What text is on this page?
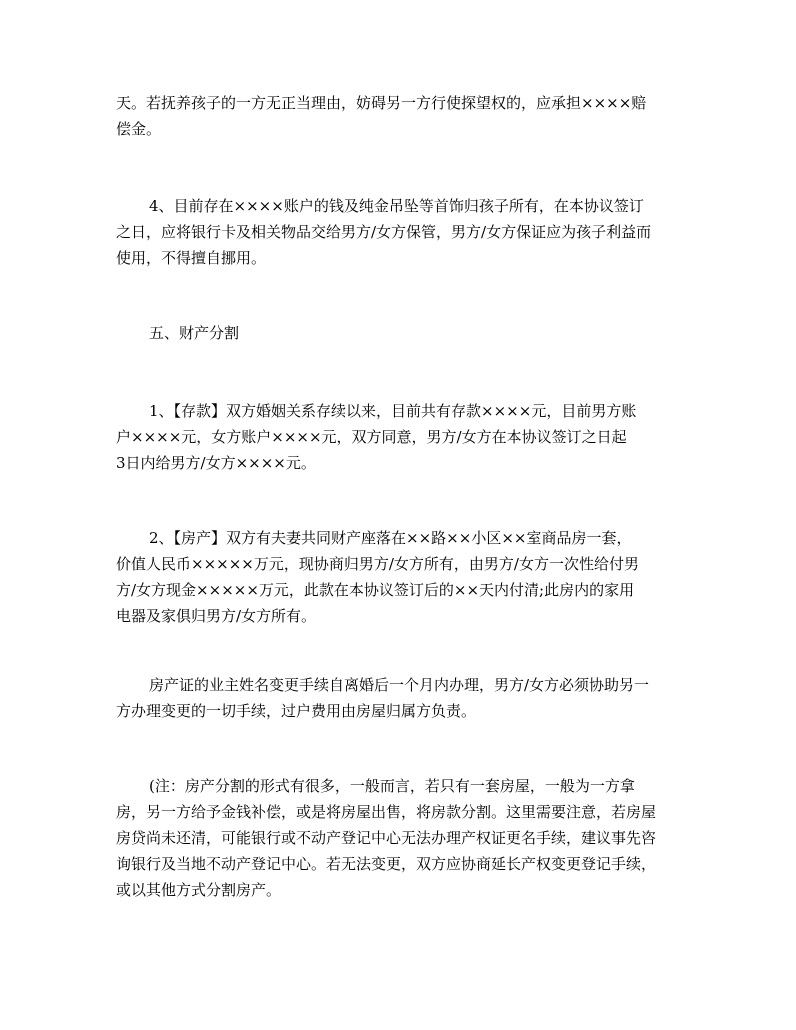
天。若抚养孩子的一方无正当理由，妨碍另一方行使探望权的，应承担××××赔
偿金。

4、目前存在××××账户的钱及纯金吊坠等首饰归孩子所有，在本协议签订
之日，应将银行卡及相关物品交给男方/女方保管，男方/女方保证应为孩子利益而
使用，不得擅自挪用。

五、财产分割

1、【存款】双方婚姻关系存续以来，目前共有存款××××元，目前男方账
户××××元，女方账户××××元，双方同意，男方/女方在本协议签订之日起
3日内给男方/女方××××元。

2、【房产】双方有夫妻共同财产座落在××路××小区××室商品房一套，
价值人民币×××××万元，现协商归男方/女方所有，由男方/女方一次性给付男
方/女方现金×××××万元，此款在本协议签订后的××天内付清;此房内的家用
电器及家俱归男方/女方所有。

房产证的业主姓名变更手续自离婚后一个月内办理，男方/女方必须协助另一
方办理变更的一切手续，过户费用由房屋归属方负责。

(注：房产分割的形式有很多，一般而言，若只有一套房屋，一般为一方拿
房，另一方给予金钱补偿，或是将房屋出售，将房款分割。这里需要注意，若房屋
房贷尚未还清，可能银行或不动产登记中心无法办理产权证更名手续，建议事先咨
询银行及当地不动产登记中心。若无法变更，双方应协商延长产权变更登记手续，
或以其他方式分割房产。
